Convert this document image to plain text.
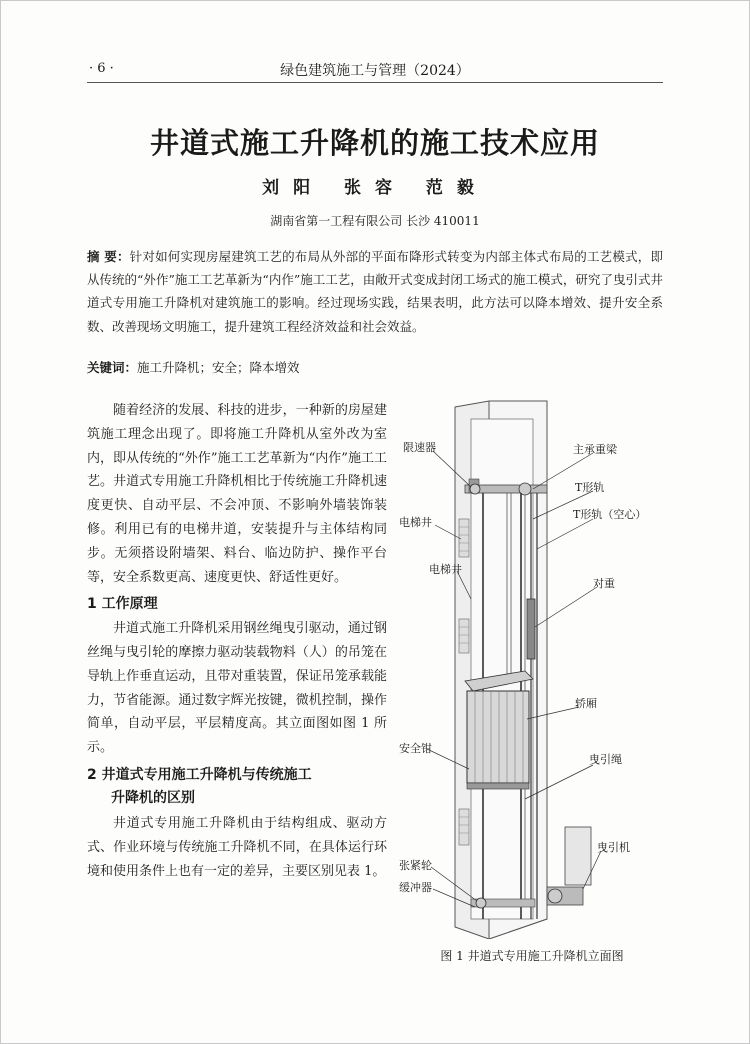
· 6 ·	绿色建筑施工与管理（2024）
井道式施工升降机的施工技术应用
刘阳 张容 范毅
湖南省第一工程有限公司 长沙 410011
摘 要：针对如何实现房屋建筑工艺的布局从外部的平面布降形式转变为内部主体式布局的工艺模式，即从传统的“外作”施工工艺革新为“内作”施工工艺，由敞开式变成封闭工场式的施工模式，研究了曳引式井道式专用施工升降机对建筑施工的影响。经过现场实践，结果表明，此方法可以降本增效、提升安全系数、改善现场文明施工，提升建筑工程经济效益和社会效益。
关键词：施工升降机；安全；降本增效

随着经济的发展、科技的进步，一种新的房屋建筑施工理念出现了。即将施工升降机从室外改为室内，即从传统的“外作”施工工艺革新为“内作”施工工艺。井道式专用施工升降机相比于传统施工升降机速度更快、自动平层、不会冲顶、不影响外墙装饰装修。利用已有的电梯井道，安装提升与主体结构同步。无须搭设附墙架、料台、临边防护、操作平台等，安全系数更高、速度更快、舒适性更好。

1 工作原理

井道式施工升降机采用钢丝绳曳引驱动，通过钢丝绳与曳引轮的摩擦力驱动装载物料（人）的吊笼在导轨上作垂直运动，且带对重装置，保证吊笼承载能力，节省能源。通过数字辉光按键，微机控制，操作简单，自动平层，平层精度高。其立面图如图 1 所示。

2 井道式专用施工升降机与传统施工
升降机的区别

井道式专用施工升降机由于结构组成、驱动方式、作业环境与传统施工升降机不同，在具体运行环境和使用条件上也有一定的差异，主要区别见表 1。

限速器	主承重梁
T形轨
T形轨（空心）
电梯井
电梯井
对重
轿厢
安全钳
曳引绳
曳引机
张紧轮
缓冲器
图 1 井道式专用施工升降机立面图
